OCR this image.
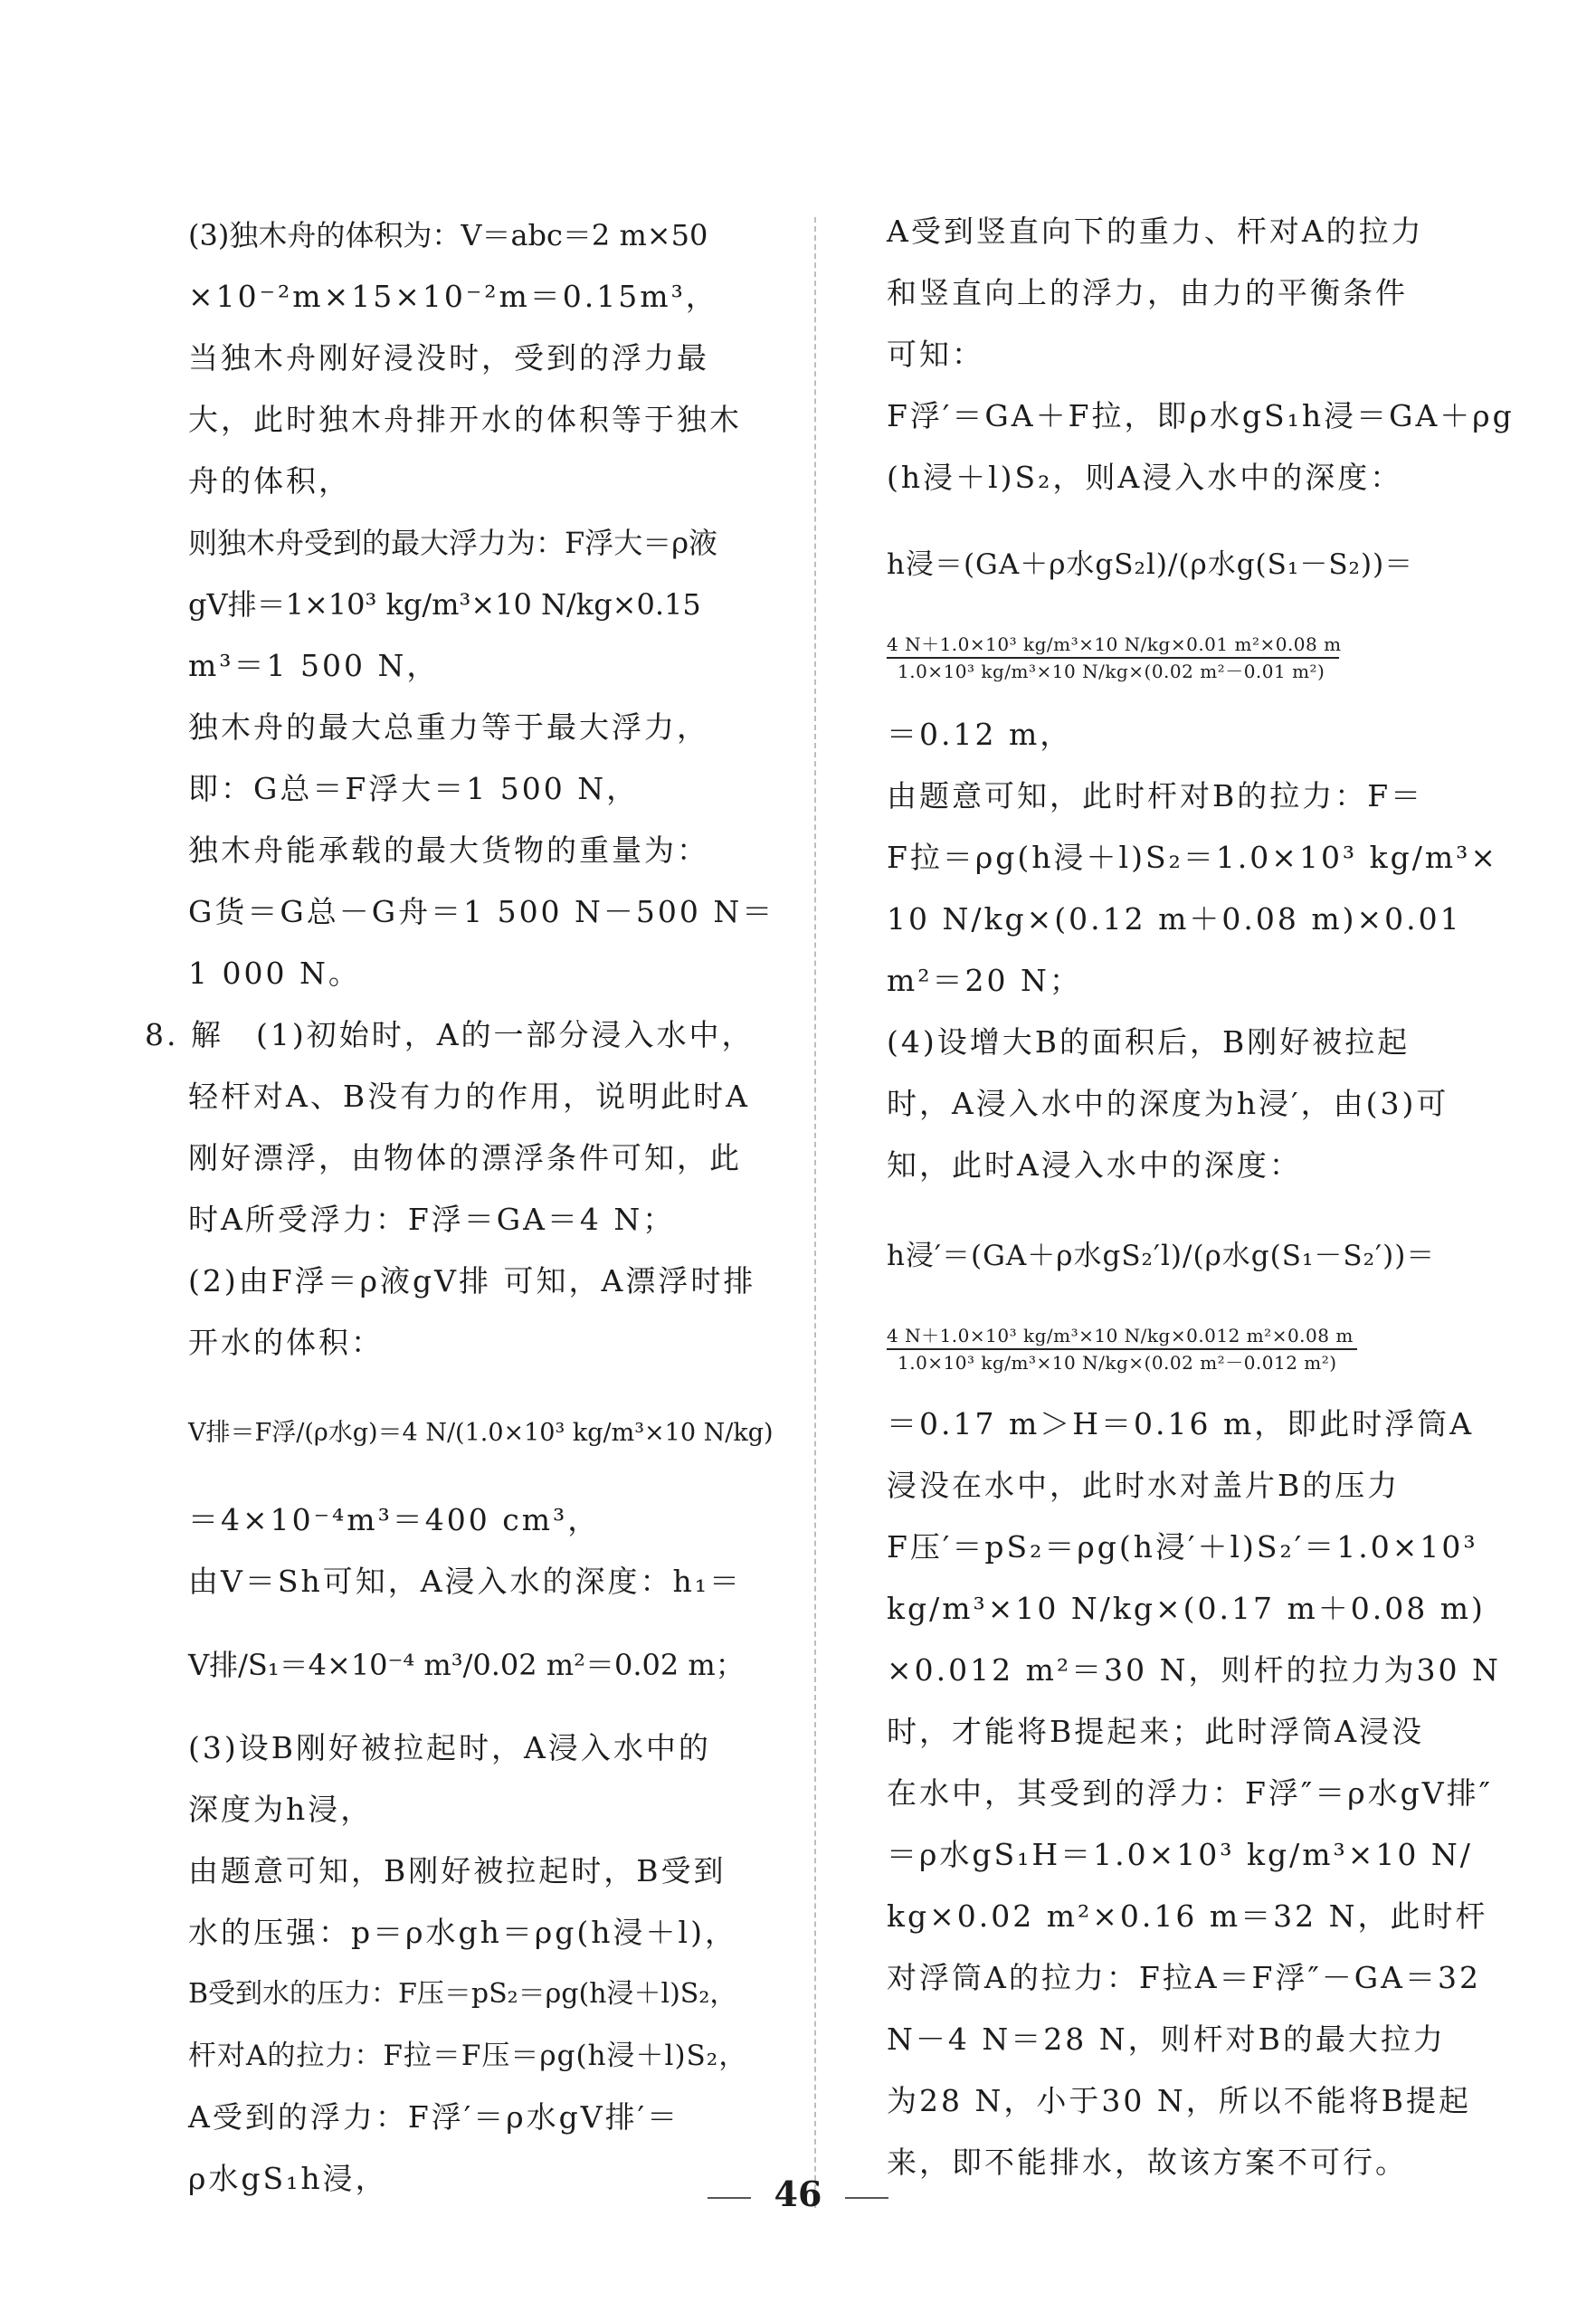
(3)独木舟的体积为：V＝abc＝2 m×50
×10⁻²m×15×10⁻²m＝0.15m³，
当独木舟刚好浸没时，受到的浮力最
大，此时独木舟排开水的体积等于独木
舟的体积，
则独木舟受到的最大浮力为：F浮大＝ρ液
gV排＝1×10³ kg/m³×10 N/kg×0.15
m³＝1 500 N，
独木舟的最大总重力等于最大浮力，
即：G总＝F浮大＝1 500 N，
独木舟能承载的最大货物的重量为：
G货＝G总－G舟＝1 500 N－500 N＝
1 000 N。
8. 解　(1)初始时，A的一部分浸入水中，
轻杆对A、B没有力的作用，说明此时A
刚好漂浮，由物体的漂浮条件可知，此
时A所受浮力：F浮＝GA＝4 N；
(2)由F浮＝ρ液gV排 可知，A漂浮时排
开水的体积：
V排＝F浮/(ρ水g)＝4 N/(1.0×10³ kg/m³×10 N/kg)
＝4×10⁻⁴m³＝400 cm³，
由V＝Sh可知，A浸入水的深度：h₁＝
V排/S₁＝4×10⁻⁴ m³/0.02 m²＝0.02 m；
(3)设B刚好被拉起时，A浸入水中的
深度为h浸，
由题意可知，B刚好被拉起时，B受到
水的压强：p＝ρ水gh＝ρg(h浸＋l)，
B受到水的压力：F压＝pS₂＝ρg(h浸＋l)S₂，
杆对A的拉力：F拉＝F压＝ρg(h浸＋l)S₂，
A受到的浮力：F浮′＝ρ水gV排′＝
ρ水gS₁h浸，
A受到竖直向下的重力、杆对A的拉力
和竖直向上的浮力，由力的平衡条件
可知：
F浮′＝GA＋F拉，即ρ水gS₁h浸＝GA＋ρg
(h浸＋l)S₂，则A浸入水中的深度：
h浸＝(GA＋ρ水gS₂l)/(ρ水g(S₁－S₂))＝
4 N＋1.0×10³ kg/m³×10 N/kg×0.01 m²×0.08 m
1.0×10³ kg/m³×10 N/kg×(0.02 m²－0.01 m²)
＝0.12 m，
由题意可知，此时杆对B的拉力：F＝
F拉＝ρg(h浸＋l)S₂＝1.0×10³ kg/m³×
10 N/kg×(0.12 m＋0.08 m)×0.01
m²＝20 N；
(4)设增大B的面积后，B刚好被拉起
时，A浸入水中的深度为h浸′，由(3)可
知，此时A浸入水中的深度：
h浸′＝(GA＋ρ水gS₂′l)/(ρ水g(S₁－S₂′))＝
4 N＋1.0×10³ kg/m³×10 N/kg×0.012 m²×0.08 m
1.0×10³ kg/m³×10 N/kg×(0.02 m²－0.012 m²)
＝0.17 m＞H＝0.16 m，即此时浮筒A
浸没在水中，此时水对盖片B的压力
F压′＝pS₂＝ρg(h浸′＋l)S₂′＝1.0×10³
kg/m³×10 N/kg×(0.17 m＋0.08 m)
×0.012 m²＝30 N，则杆的拉力为30 N
时，才能将B提起来；此时浮筒A浸没
在水中，其受到的浮力：F浮″＝ρ水gV排″
＝ρ水gS₁H＝1.0×10³ kg/m³×10 N/
kg×0.02 m²×0.16 m＝32 N，此时杆
对浮筒A的拉力：F拉A＝F浮″－GA＝32
N－4 N＝28 N，则杆对B的最大拉力
为28 N，小于30 N，所以不能将B提起
来，即不能排水，故该方案不可行。
46
